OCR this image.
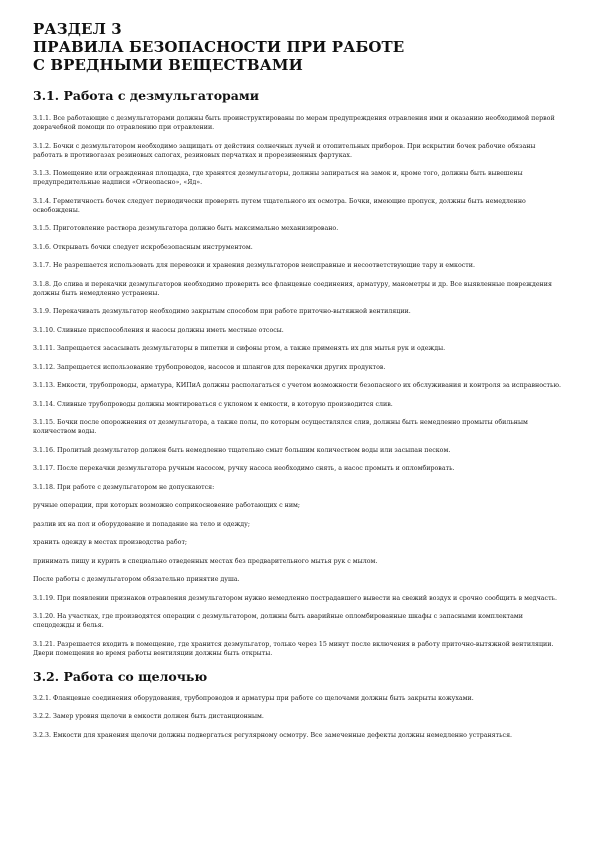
РАЗДЕЛ 3
ПРАВИЛА БЕЗОПАСНОСТИ ПРИ РАБОТЕ
С ВРЕДНЫМИ ВЕЩЕСТВАМИ
3.1. Работа с дезмульгаторами
3.1.1. Все работающие с дезмульгаторами должны быть проинструктированы по мерам предупреждения отравления ими и оказанию необходимой первой доврачебной помощи по отравлению при отравлении.
3.1.2. Бочки с дезмульгатором необходимо защищать от действия солнечных лучей и отопительных приборов. При вскрытии бочек рабочие обязаны работать в противогазах резиновых сапогах, резиновых перчатках и прорезиненных фартуках.
3.1.3. Помещение или огражденная площадка, где хранятся дезмульгаторы, должны запираться на замок и, кроме того, должны быть вывешены предупредительные надписи «Огнеопасно», «Яд».
3.1.4. Герметичность бочек следует периодически проверять путем тщательного их осмотра. Бочки, имеющие пропуск, должны быть немедленно освобождены.
3.1.5. Приготовление раствора дезмульгатора должно быть максимально механизировано.
3.1.6. Открывать бочки следует искробезопасным инструментом.
3.1.7. Не разрешается использовать для перевозки и хранения дезмульгаторов неисправные и несоответствующие тару и емкости.
3.1.8. До слива и перекачки дезмульгаторов необходимо проверить все фланцевые соединения, арматуру, манометры и др. Все выявленные повреждения должны быть немедленно устранены.
3.1.9. Перекачивать дезмульгатор необходимо закрытым способом при работе приточно-вытяжной вентиляции.
3.1.10. Сливные приспособления и насосы должны иметь местные отсосы.
3.1.11. Запрещается засасывать дезмульгаторы в пипетки и сифоны ртом, а также применять их для мытья рук и одежды.
3.1.12. Запрещается использование трубопроводов, насосов и шлангов для перекачки других продуктов.
3.1.13. Емкости, трубопроводы, арматура, КИПиА должны располагаться с учетом возможности безопасного их обслуживания и контроля за исправностью.
3.1.14. Сливные трубопроводы должны монтироваться с уклоном к емкости, в которую производится слив.
3.1.15. Бочки после опорожнения от дезмульгатора, а также полы, по которым осуществлялся слив, должны быть немедленно промыты обильным количеством воды.
3.1.16. Пролитый дезмульгатор должен быть немедленно тщательно смыт большим количеством воды или засыпан песком.
3.1.17. После перекачки дезмульгатора ручным насосом, ручку насоса необходимо снять, а насос промыть и опломбировать.
3.1.18. При работе с дезмульгатором не допускаются:
ручные операции, при которых возможно соприкосновение работающих с ним;
разлив их на пол и оборудование и попадание на тело и одежду;
хранить одежду в местах производства работ;
принимать пищу и курить в специально отведенных местах без предварительного мытья рук с мылом.
После работы с дезмульгатором обязательно принятие душа.
3.1.19. При появлении признаков отравления дезмульгатором нужно немедленно пострадавшего вывести на свежий воздух и срочно сообщить в медчасть.
3.1.20. На участках, где производятся операции с дезмульгатором, должны быть аварийные опломбированные шкафы с запасными комплектами спецодежды и белья.
3.1.21. Разрешается входить в помещение, где хранится дезмульгатор, только через 15 минут после включения в работу приточно-вытяжной вентиляции. Двери помещения во время работы вентиляции должны быть открыты.
3.2. Работа со щелочью
3.2.1. Фланцевые соединения оборудования, трубопроводов и арматуры при работе со щелочами должны быть закрыты кожухами.
3.2.2. Замер уровня щелочи в емкости должен быть дистанционным.
3.2.3. Емкости для хранения щелочи должны подвергаться регулярному осмотру. Все замеченные дефекты должны немедленно устраняться.
